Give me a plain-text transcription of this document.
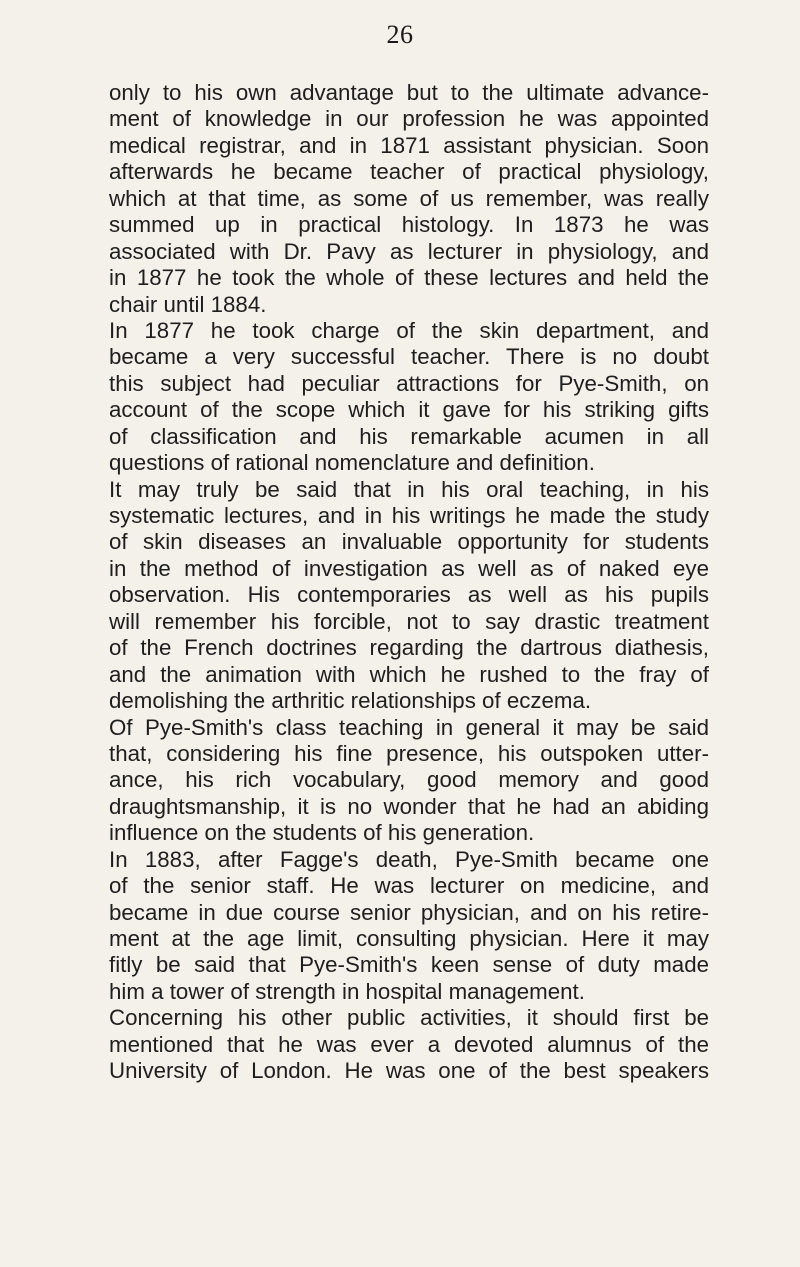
26
only to his own advantage but to the ultimate advance-
ment of knowledge in our profession he was appointed
medical registrar, and in 1871 assistant physician. Soon
afterwards he became teacher of practical physiology,
which at that time, as some of us remember, was really
summed up in practical histology. In 1873 he was
associated with Dr. Pavy as lecturer in physiology, and
in 1877 he took the whole of these lectures and held the
chair until 1884.
In 1877 he took charge of the skin department, and
became a very successful teacher. There is no doubt
this subject had peculiar attractions for Pye-Smith, on
account of the scope which it gave for his striking gifts
of classification and his remarkable acumen in all
questions of rational nomenclature and definition.
It may truly be said that in his oral teaching, in his
systematic lectures, and in his writings he made the study
of skin diseases an invaluable opportunity for students
in the method of investigation as well as of naked eye
observation. His contemporaries as well as his pupils
will remember his forcible, not to say drastic treatment
of the French doctrines regarding the dartrous diathesis,
and the animation with which he rushed to the fray of
demolishing the arthritic relationships of eczema.
Of Pye-Smith's class teaching in general it may be said
that, considering his fine presence, his outspoken utter-
ance, his rich vocabulary, good memory and good
draughtsmanship, it is no wonder that he had an abiding
influence on the students of his generation.
In 1883, after Fagge's death, Pye-Smith became one
of the senior staff. He was lecturer on medicine, and
became in due course senior physician, and on his retire-
ment at the age limit, consulting physician. Here it may
fitly be said that Pye-Smith's keen sense of duty made
him a tower of strength in hospital management.
Concerning his other public activities, it should first be
mentioned that he was ever a devoted alumnus of the
University of London. He was one of the best speakers
